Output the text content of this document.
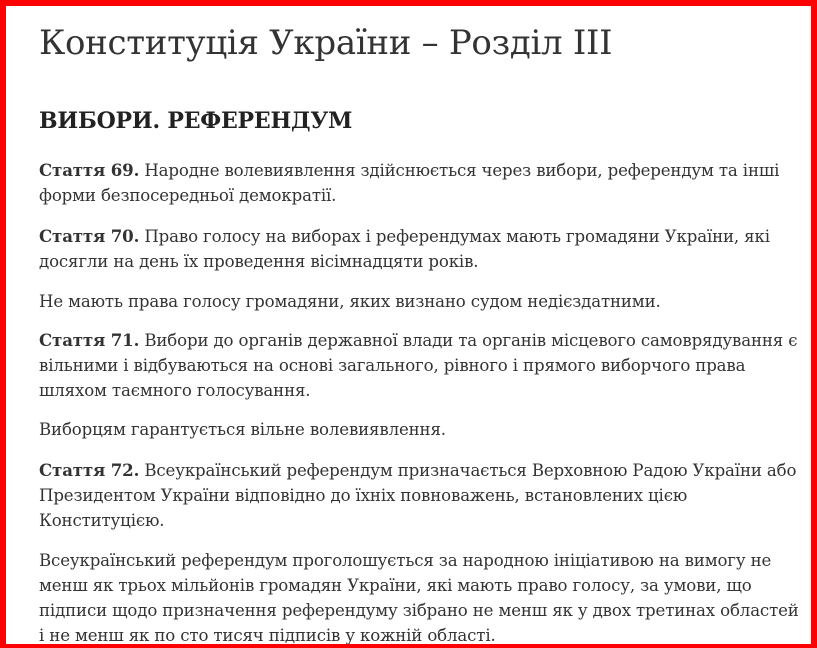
Конституція України – Розділ III
ВИБОРИ. РЕФЕРЕНДУМ

Стаття 69. Народне волевиявлення здійснюється через вибори, референдум та інші форми безпосередньої демократії.

Стаття 70. Право голосу на виборах і референдумах мають громадяни України, які досягли на день їх проведення вісімнадцяти років.

Не мають права голосу громадяни, яких визнано судом недієздатними.

Стаття 71. Вибори до органів державної влади та органів місцевого самоврядування є вільними і відбуваються на основі загального, рівного і прямого виборчого права шляхом таємного голосування.

Виборцям гарантується вільне волевиявлення.

Стаття 72. Всеукраїнський референдум призначається Верховною Радою України або Президентом України відповідно до їхніх повноважень, встановлених цією Конституцією.

Всеукраїнський референдум проголошується за народною ініціативою на вимогу не менш як трьох мільйонів громадян України, які мають право голосу, за умови, що підписи щодо призначення референдуму зібрано не менш як у двох третинах областей і не менш як по сто тисяч підписів у кожній області.
